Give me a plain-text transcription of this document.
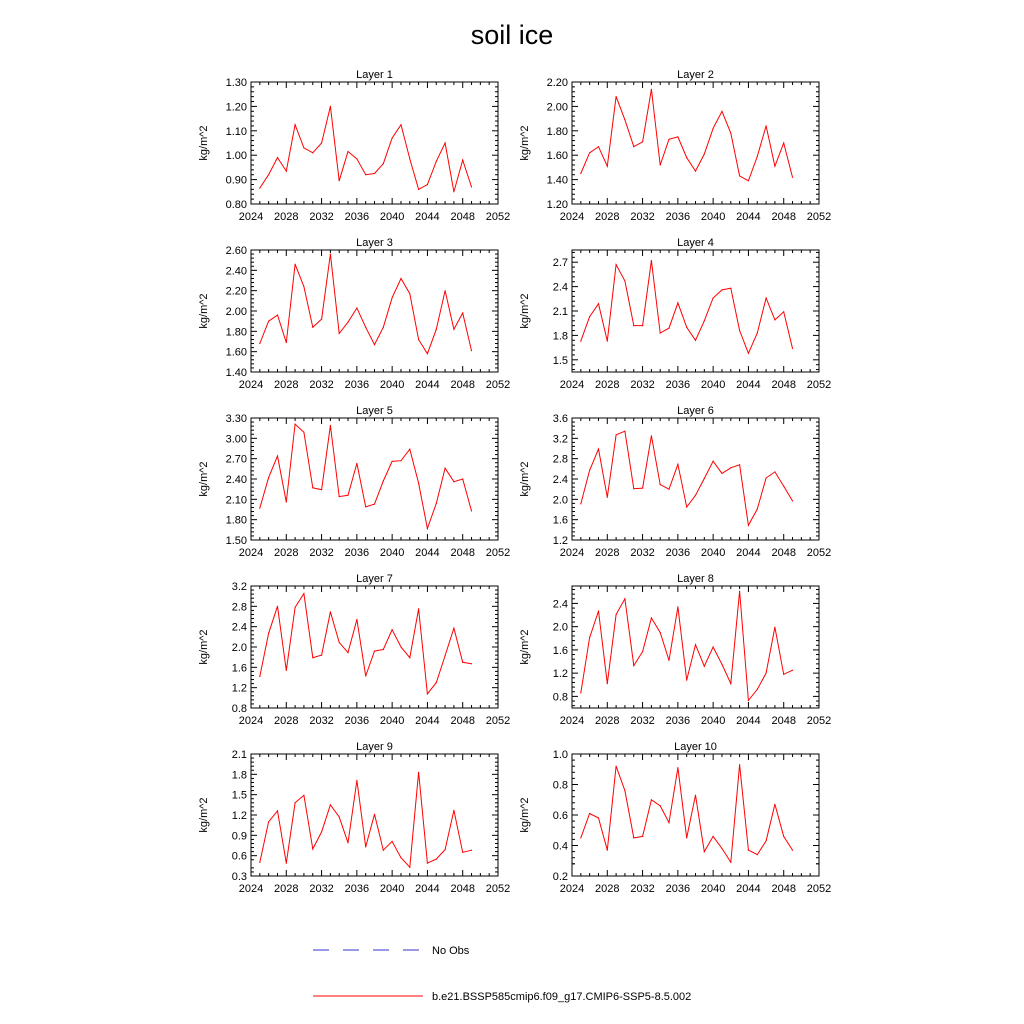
soil ice
Layer 1
kg/m^2
2024 2028 2032 2036 2040 2044 2048 2052
0.80
0.90
1.00
1.10
1.20
1.30
Layer 2
kg/m^2
2024 2028 2032 2036 2040 2044 2048 2052
1.20
1.40
1.60
1.80
2.00
2.20
Layer 3
kg/m^2
2024 2028 2032 2036 2040 2044 2048 2052
1.40
1.60
1.80
2.00
2.20
2.40
2.60
Layer 4
kg/m^2
2024 2028 2032 2036 2040 2044 2048 2052
1.5
1.8
2.1
2.4
2.7
Layer 5
kg/m^2
2024 2028 2032 2036 2040 2044 2048 2052
1.50
1.80
2.10
2.40
2.70
3.00
3.30
Layer 6
kg/m^2
2024 2028 2032 2036 2040 2044 2048 2052
1.2
1.6
2.0
2.4
2.8
3.2
3.6
Layer 7
kg/m^2
2024 2028 2032 2036 2040 2044 2048 2052
0.8
1.2
1.6
2.0
2.4
2.8
3.2
Layer 8
kg/m^2
2024 2028 2032 2036 2040 2044 2048 2052
0.8
1.2
1.6
2.0
2.4
Layer 9
kg/m^2
2024 2028 2032 2036 2040 2044 2048 2052
0.3
0.6
0.9
1.2
1.5
1.8
2.1
Layer 10
kg/m^2
2024 2028 2032 2036 2040 2044 2048 2052
0.2
0.4
0.6
0.8
1.0
No Obs
b.e21.BSSP585cmip6.f09_g17.CMIP6-SSP5-8.5.002
